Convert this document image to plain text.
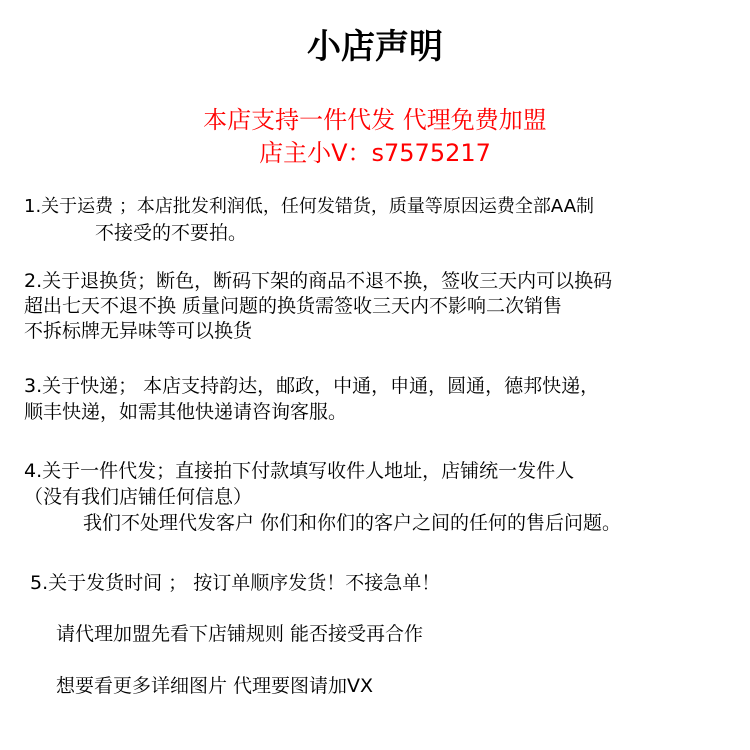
小店声明
本店支持一件代发 代理免费加盟
店主小V：s7575217
1.关于运费 ；本店批发利润低，任何发错货，质量等原因运费全部AA制
不接受的不要拍。
2.关于退换货；断色，断码下架的商品不退不换，签收三天内可以换码
超出七天不退不换 质量问题的换货需签收三天内不影响二次销售
不拆标牌无异味等可以换货
3.关于快递； 本店支持韵达，邮政，中通，申通，圆通，德邦快递，
顺丰快递，如需其他快递请咨询客服。
4.关于一件代发；直接拍下付款填写收件人地址，店铺统一发件人
（没有我们店铺任何信息）
我们不处理代发客户 你们和你们的客户之间的任何的售后问题。
5.关于发货时间 ； 按订单顺序发货！不接急单！
请代理加盟先看下店铺规则 能否接受再合作
想要看更多详细图片 代理要图请加VX
